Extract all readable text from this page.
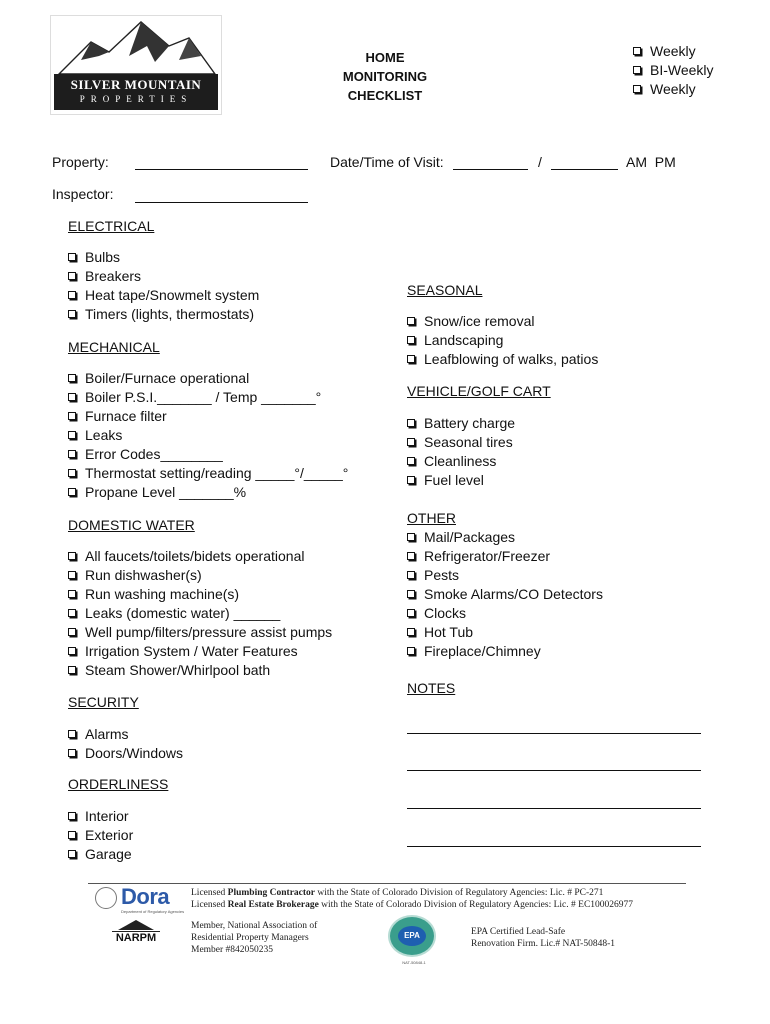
SILVER MOUNTAIN
PROPERTIES
HOME
MONITORING
CHECKLIST
Weekly
BI-Weekly
Weekly
Property:	Date/Time of Visit:	/	AM  PM
Inspector:
ELECTRICAL
Bulbs
Breakers
Heat tape/Snowmelt system
Timers (lights, thermostats)
MECHANICAL
Boiler/Furnace operational
Boiler P.S.I._______ / Temp _______°
Furnace filter
Leaks
Error Codes________
Thermostat setting/reading _____°/_____°
Propane Level _______%
DOMESTIC WATER
All faucets/toilets/bidets operational
Run dishwasher(s)
Run washing machine(s)
Leaks (domestic water) ______
Well pump/filters/pressure assist pumps
Irrigation System / Water Features
Steam Shower/Whirlpool bath
SECURITY
Alarms
Doors/Windows
ORDERLINESS
Interior
Exterior
Garage
SEASONAL
Snow/ice removal
Landscaping
Leafblowing of walks, patios
VEHICLE/GOLF CART
Battery charge
Seasonal tires
Cleanliness
Fuel level
OTHER
Mail/Packages
Refrigerator/Freezer
Pests
Smoke Alarms/CO Detectors
Clocks
Hot Tub
Fireplace/Chimney
NOTES
Dora
Department of Regulatory Agencies
Licensed Plumbing Contractor with the State of Colorado Division of Regulatory Agencies: Lic. # PC-271
Licensed Real Estate Brokerage with the State of Colorado Division of Regulatory Agencies: Lic. # EC100026977
NARPM
Member, National Association of
Residential Property Managers
Member #842050235
EPA
NAT-50848-1
EPA Certified Lead-Safe
Renovation Firm. Lic.# NAT-50848-1
